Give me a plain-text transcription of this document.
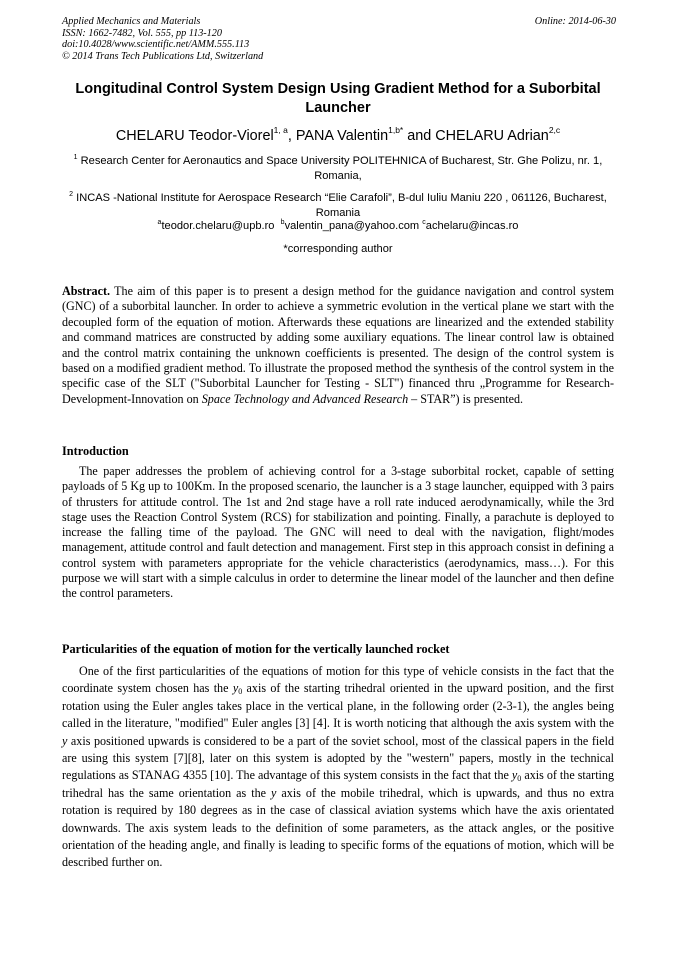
Applied Mechanics and Materials
ISSN: 1662-7482, Vol. 555, pp 113-120
doi:10.4028/www.scientific.net/AMM.555.113
© 2014 Trans Tech Publications Ltd, Switzerland
Online: 2014-06-30
Longitudinal Control System Design Using Gradient Method for a Suborbital Launcher
CHELARU Teodor-Viorel$^{1, a}$, PANA Valentin$^{1,b*}$ and CHELARU Adrian$^{2,c}$
$^1$ Research Center for Aeronautics and Space University POLITEHNICA of Bucharest, Str. Ghe Polizu, nr. 1, Romania,
$^2$ INCAS -National Institute for Aerospace Research “Elie Carafoli”, B-dul Iuliu Maniu 220 , 061126, Bucharest, Romania
$^a$teodor.chelaru@upb.ro $^b$valentin_pana@yahoo.com $^c$achelaru@incas.ro
*corresponding author
Abstract. The aim of this paper is to present a design method for the guidance navigation and control system (GNC) of a suborbital launcher. In order to achieve a symmetric evolution in the vertical plane we start with the decoupled form of the equation of motion. Afterwards these equations are linearized and the extended stability and command matrices are constructed by adding some auxiliary equations. The linear control law is obtained and the control matrix containing the unknown coefficients is presented. The design of the control system is based on a modified gradient method. To illustrate the proposed method the synthesis of the control system in the specific case of the SLT ("Suborbital Launcher for Testing - SLT") financed thru „Programme for Research-Development-Innovation on Space Technology and Advanced Research – STAR”) is presented.
Introduction
The paper addresses the problem of achieving control for a 3-stage suborbital rocket, capable of setting payloads of 5 Kg up to 100Km. In the proposed scenario, the launcher is a 3 stage launcher, equipped with 3 pairs of thrusters for attitude control. The 1st and 2nd stage have a roll rate induced aerodynamically, while the 3rd stage uses the Reaction Control System (RCS) for stabilization and pointing. Finally, a parachute is deployed to increase the falling time of the payload. The GNC will need to deal with the navigation, flight/modes management, attitude control and fault detection and management. First step in this approach consist in defining a control system with parameters appropriate for the vehicle characteristics (aerodynamics, mass…). For this purpose we will start with a simple calculus in order to determine the linear model of the launcher and then define the control parameters.
Particularities of the equation of motion for the vertically launched rocket
One of the first particularities of the equations of motion for this type of vehicle consists in the fact that the coordinate system chosen has the $y_0$ axis of the starting trihedral oriented in the upward position, and the first rotation using the Euler angles takes place in the vertical plane, in the following order (2-3-1), the angles being called in the literature, "modified" Euler angles [3] [4]. It is worth noticing that although the axis system with the y axis positioned upwards is considered to be a part of the soviet school, most of the classical papers in the field are using this system [7][8], later on this system is adopted by the "western" papers, mostly in the technical regulations as STANAG 4355 [10]. The advantage of this system consists in the fact that the $y_0$ axis of the starting trihedral has the same orientation as the y axis of the mobile trihedral, which is upwards, and thus no extra rotation is required by 180 degrees as in the case of classical aviation systems which have the axis orientated downwards. The axis system leads to the definition of some parameters, as the attack angles, or the positive orientation of the heading angle, and finally is leading to specific forms of the equations of motion, which will be described further on.
